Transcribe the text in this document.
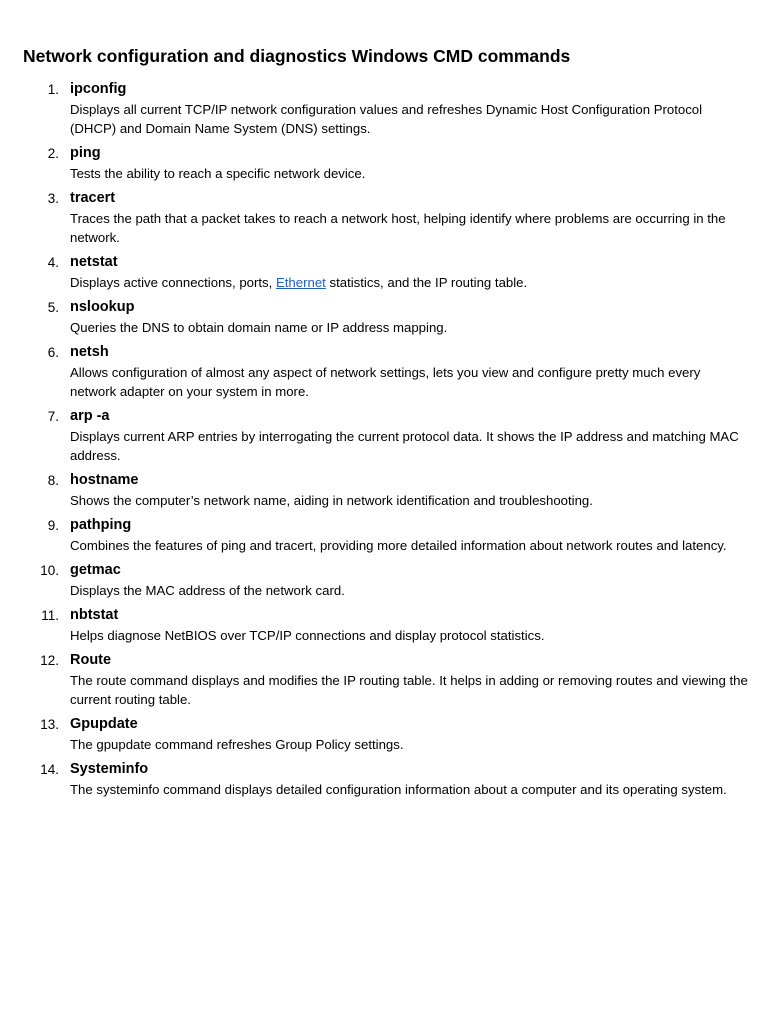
Network configuration and diagnostics Windows CMD commands
1. ipconfig
Displays all current TCP/IP network configuration values and refreshes Dynamic Host Configuration Protocol (DHCP) and Domain Name System (DNS) settings.
2. ping
Tests the ability to reach a specific network device.
3. tracert
Traces the path that a packet takes to reach a network host, helping identify where problems are occurring in the network.
4. netstat
Displays active connections, ports, Ethernet statistics, and the IP routing table.
5. nslookup
Queries the DNS to obtain domain name or IP address mapping.
6. netsh
Allows configuration of almost any aspect of network settings, lets you view and configure pretty much every network adapter on your system in more.
7. arp -a
Displays current ARP entries by interrogating the current protocol data. It shows the IP address and matching MAC address.
8. hostname
Shows the computer’s network name, aiding in network identification and troubleshooting.
9. pathping
Combines the features of ping and tracert, providing more detailed information about network routes and latency.
10. getmac
Displays the MAC address of the network card.
11. nbtstat
Helps diagnose NetBIOS over TCP/IP connections and display protocol statistics.
12. Route
The route command displays and modifies the IP routing table. It helps in adding or removing routes and viewing the current routing table.
13. Gpupdate
The gpupdate command refreshes Group Policy settings.
14. Systeminfo
The systeminfo command displays detailed configuration information about a computer and its operating system.
